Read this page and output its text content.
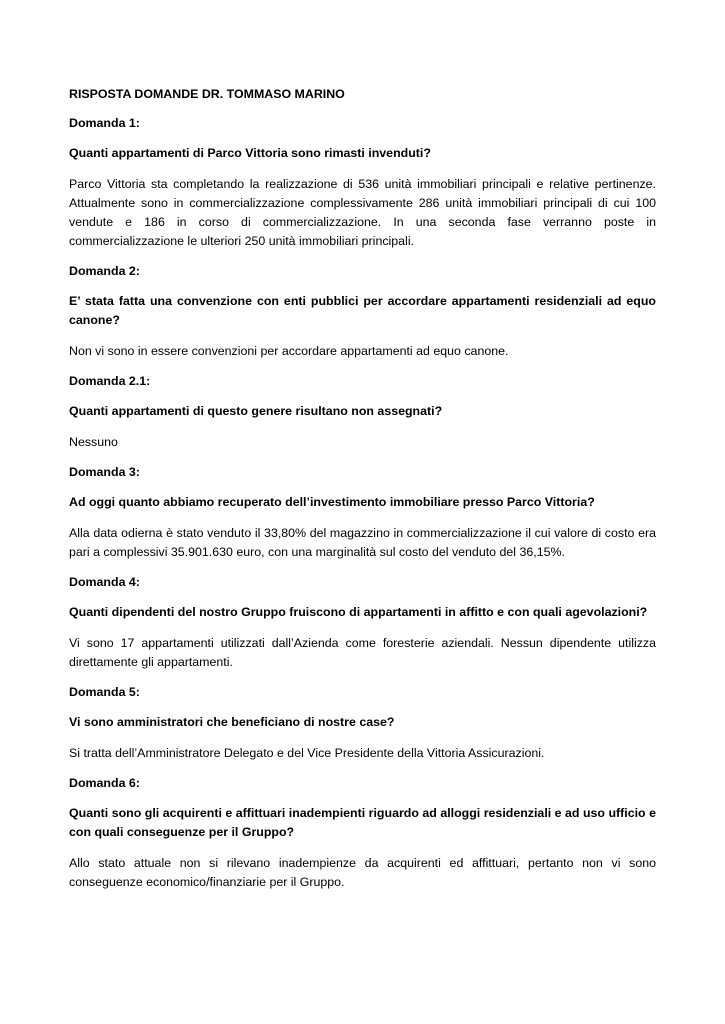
RISPOSTA DOMANDE DR. TOMMASO MARINO
Domanda 1:
Quanti appartamenti di Parco Vittoria sono rimasti invenduti?
Parco Vittoria sta completando la realizzazione di 536 unità immobiliari principali e relative pertinenze. Attualmente sono in commercializzazione complessivamente 286 unità immobiliari principali di cui 100 vendute e 186 in corso di commercializzazione. In una seconda fase verranno poste in commercializzazione le ulteriori 250 unità immobiliari principali.
Domanda 2:
E’ stata fatta una convenzione con enti pubblici per accordare appartamenti residenziali ad equo canone?
Non vi sono in essere convenzioni per accordare appartamenti ad equo canone.
Domanda 2.1:
Quanti appartamenti di questo genere risultano non assegnati?
Nessuno
Domanda 3:
Ad oggi quanto abbiamo recuperato dell’investimento immobiliare presso Parco Vittoria?
Alla data odierna è stato venduto il 33,80% del magazzino in commercializzazione il cui valore di costo era pari a complessivi 35.901.630 euro, con una marginalità sul costo del venduto del 36,15%.
Domanda 4:
Quanti dipendenti del nostro Gruppo fruiscono di appartamenti in affitto e con quali agevolazioni?
Vi sono 17 appartamenti utilizzati dall’Azienda come foresterie aziendali. Nessun dipendente utilizza direttamente gli appartamenti.
Domanda 5:
Vi sono amministratori che beneficiano di nostre case?
Si tratta dell’Amministratore Delegato e del Vice Presidente della Vittoria Assicurazioni.
Domanda 6:
Quanti sono gli acquirenti e affittuari inadempienti riguardo ad alloggi residenziali e ad uso ufficio e con quali conseguenze per il Gruppo?
Allo stato attuale non si rilevano inadempienze da acquirenti ed affittuari, pertanto non vi sono conseguenze economico/finanziarie per il Gruppo.
